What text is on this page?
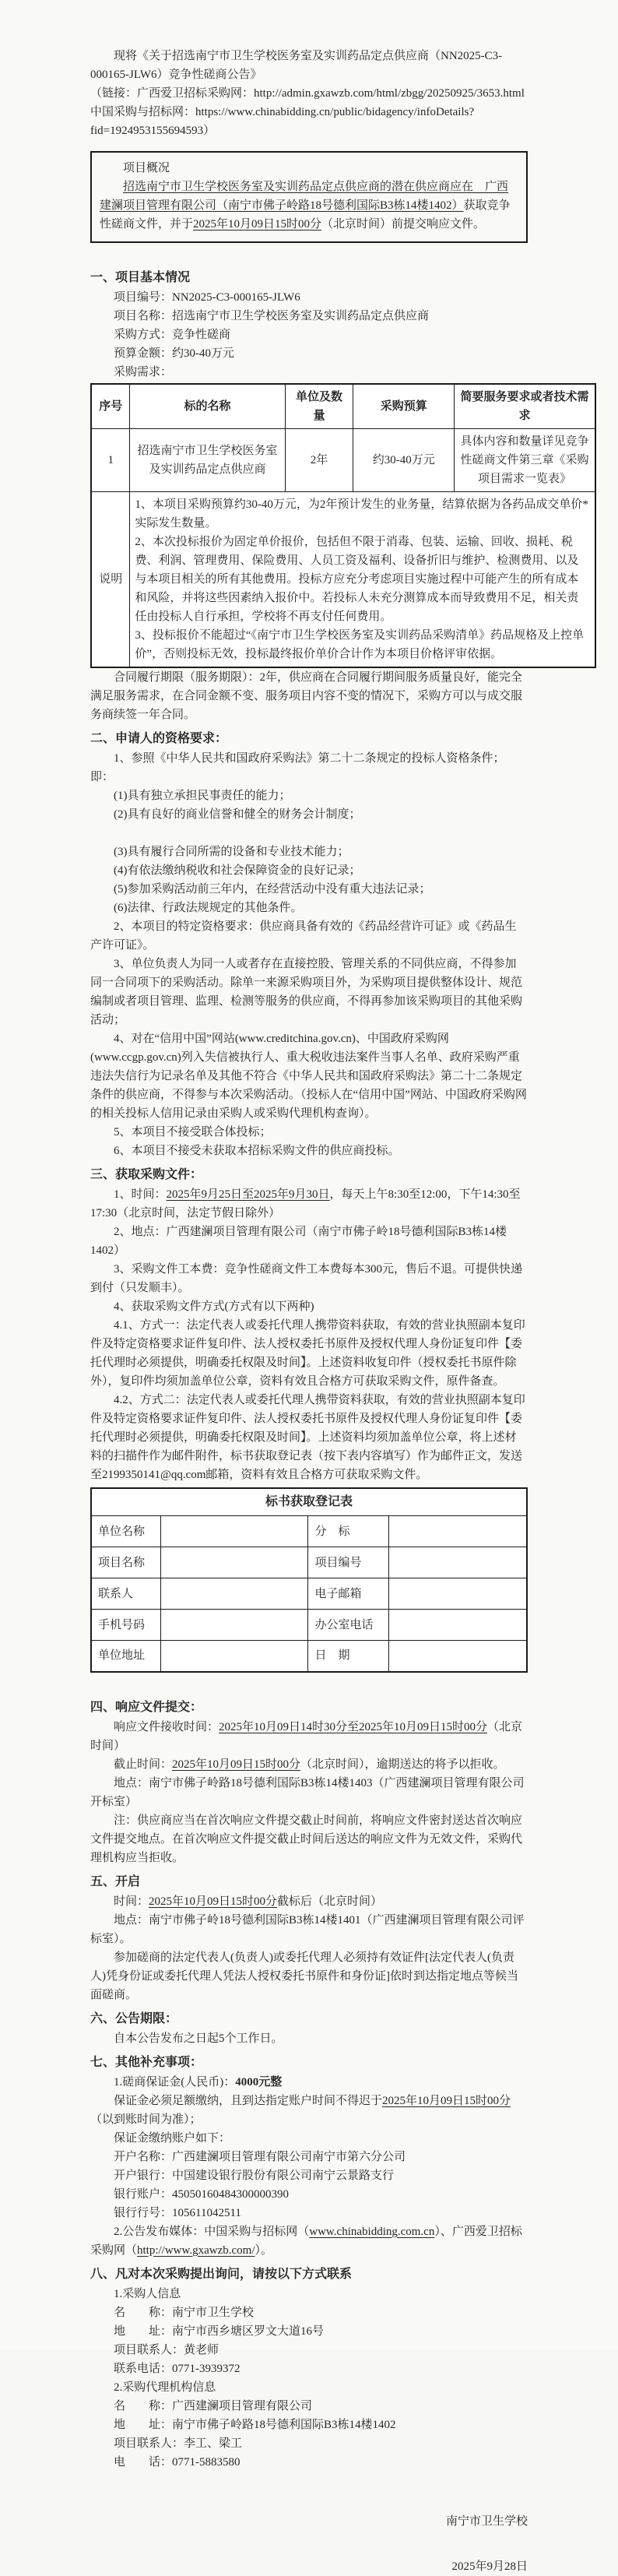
现将《关于招选南宁市卫生学校医务室及实训药品定点供应商（NN2025-C3-000165-JLW6）竞争性磋商公告》

（链接：广西爱卫招标采购网：http://admin.gxawzb.com/html/zbgg/20250925/3653.html

中国采购与招标网：https://www.chinabidding.cn/public/bidagency/infoDetails?fid=1924953155694593）

项目概况

招选南宁市卫生学校医务室及实训药品定点供应商的潜在供应商应在　广西建澜项目管理有限公司（南宁市佛子岭路18号德利国际B3栋14楼1402）获取竞争性磋商文件，并于2025年10月09日15时00分（北京时间）前提交响应文件。

一、项目基本情况

项目编号：NN2025-C3-000165-JLW6

项目名称：招选南宁市卫生学校医务室及实训药品定点供应商

采购方式：竞争性磋商

预算金额：约30-40万元

采购需求：

序号	标的名称	单位及数量	采购预算	简要服务要求或者技术需求
1	招选南宁市卫生学校医务室及实训药品定点供应商	2年	约30-40万元	具体内容和数量详见竞争性磋商文件第三章《采购项目需求一览表》
说明	1、本项目采购预算约30-40万元，为2年预计发生的业务量，结算依据为各药品成交单价*实际发生数量。

2、本次投标报价为固定单价报价，包括但不限于消毒、包装、运输、回收、损耗、税费、利润、管理费用、保险费用、人员工资及福利、设备折旧与维护、检测费用、以及与本项目相关的所有其他费用。投标方应充分考虑项目实施过程中可能产生的所有成本和风险，并将这些因素纳入报价中。若投标人未充分测算成本而导致费用不足，相关责任由投标人自行承担，学校将不再支付任何费用。

3、投标报价不能超过“《南宁市卫生学校医务室及实训药品采购清单》药品规格及上控单价”，否则投标无效，投标最终报价单价合计作为本项目价格评审依据。			

合同履行期限（服务期限）：2年，供应商在合同履行期间服务质量良好，能完全满足服务需求，在合同金额不变、服务项目内容不变的情况下，采购方可以与成交服务商续签一年合同。

二、申请人的资格要求：

1、参照《中华人民共和国政府采购法》第二十二条规定的投标人资格条件；即：

(1)具有独立承担民事责任的能力；

(2)具有良好的商业信誉和健全的财务会计制度；

(3)具有履行合同所需的设备和专业技术能力；

(4)有依法缴纳税收和社会保障资金的良好记录；

(5)参加采购活动前三年内，在经营活动中没有重大违法记录；

(6)法律、行政法规规定的其他条件。

2、本项目的特定资格要求：供应商具备有效的《药品经营许可证》或《药品生产许可证》。

3、单位负责人为同一人或者存在直接控股、管理关系的不同供应商，不得参加同一合同项下的采购活动。除单一来源采购项目外，为采购项目提供整体设计、规范编制或者项目管理、监理、检测等服务的供应商，不得再参加该采购项目的其他采购活动；

4、对在“信用中国”网站(www.creditchina.gov.cn)、中国政府采购网(www.ccgp.gov.cn)列入失信被执行人、重大税收违法案件当事人名单、政府采购严重违法失信行为记录名单及其他不符合《中华人民共和国政府采购法》第二十二条规定条件的供应商，不得参与本次采购活动。（投标人在“信用中国”网站、中国政府采购网的相关投标人信用记录由采购人或采购代理机构查询）。

5、本项目不接受联合体投标；

6、本项目不接受未获取本招标采购文件的供应商投标。

三、获取采购文件：

1、时间：2025年9月25日至2025年9月30日，每天上午8:30至12:00，下午14:30至17:30（北京时间，法定节假日除外）

2、地点：广西建澜项目管理有限公司（南宁市佛子岭18号德利国际B3栋14楼1402）

3、采购文件工本费：竞争性磋商文件工本费每本300元，售后不退。可提供快递到付（只发顺丰）。

4、获取采购文件方式(方式有以下两种)

4.1、方式一：法定代表人或委托代理人携带资料获取，有效的营业执照副本复印件及特定资格要求证件复印件、法人授权委托书原件及授权代理人身份证复印件【委托代理时必须提供，明确委托权限及时间】。上述资料收复印件（授权委托书原件除外），复印件均须加盖单位公章，资料有效且合格方可获取采购文件，原件备查。

4.2、方式二：法定代表人或委托代理人携带资料获取，有效的营业执照副本复印件及特定资格要求证件复印件、法人授权委托书原件及授权代理人身份证复印件【委托代理时必须提供，明确委托权限及时间】。上述资料均须加盖单位公章，将上述材料的扫描件作为邮件附件，标书获取登记表（按下表内容填写）作为邮件正文，发送至2199350141@qq.com邮箱，资料有效且合格方可获取采购文件。

标书获取登记表			
单位名称		分　标	
项目名称		项目编号	
联系人		电子邮箱	
手机号码		办公室电话	
单位地址		日　期	

四、响应文件提交：

响应文件接收时间：2025年10月09日14时30分至2025年10月09日15时00分（北京时间）

截止时间：2025年10月09日15时00分（北京时间），逾期送达的将予以拒收。

地点：南宁市佛子岭路18号德利国际B3栋14楼1403（广西建澜项目管理有限公司开标室）

注：供应商应当在首次响应文件提交截止时间前，将响应文件密封送达首次响应文件提交地点。在首次响应文件提交截止时间后送达的响应文件为无效文件，采购代理机构应当拒收。

五、开启

时间：2025年10月09日15时00分截标后（北京时间）

地点：南宁市佛子岭18号德利国际B3栋14楼1401（广西建澜项目管理有限公司评标室）。

参加磋商的法定代表人(负责人)或委托代理人必须持有效证件[法定代表人(负责人)凭身份证或委托代理人凭法人授权委托书原件和身份证]依时到达指定地点等候当面磋商。

六、公告期限：

自本公告发布之日起5个工作日。

七、其他补充事项：

1.磋商保证金(人民币)：4000元整

保证金必须足额缴纳，且到达指定账户时间不得迟于2025年10月09日15时00分（以到账时间为准）；

保证金缴纳账户如下：

开户名称：广西建澜项目管理有限公司南宁市第六分公司

开户银行：中国建设银行股份有限公司南宁云景路支行

银行账户：45050160484300000390

银行行号：105611042511

2.公告发布媒体：中国采购与招标网（www.chinabidding.com.cn）、广西爱卫招标采购网（http://www.gxawzb.com/）。

八、凡对本次采购提出询问，请按以下方式联系

1.采购人信息

名　　称：南宁市卫生学校

地　　址：南宁市西乡塘区罗文大道16号

项目联系人：黄老师

联系电话：0771-3939372

2.采购代理机构信息

名　　称：广西建澜项目管理有限公司

地　　址：南宁市佛子岭路18号德利国际B3栋14楼1402

项目联系人：李工、梁工

电　　话：0771-5883580

南宁市卫生学校

2025年9月28日
